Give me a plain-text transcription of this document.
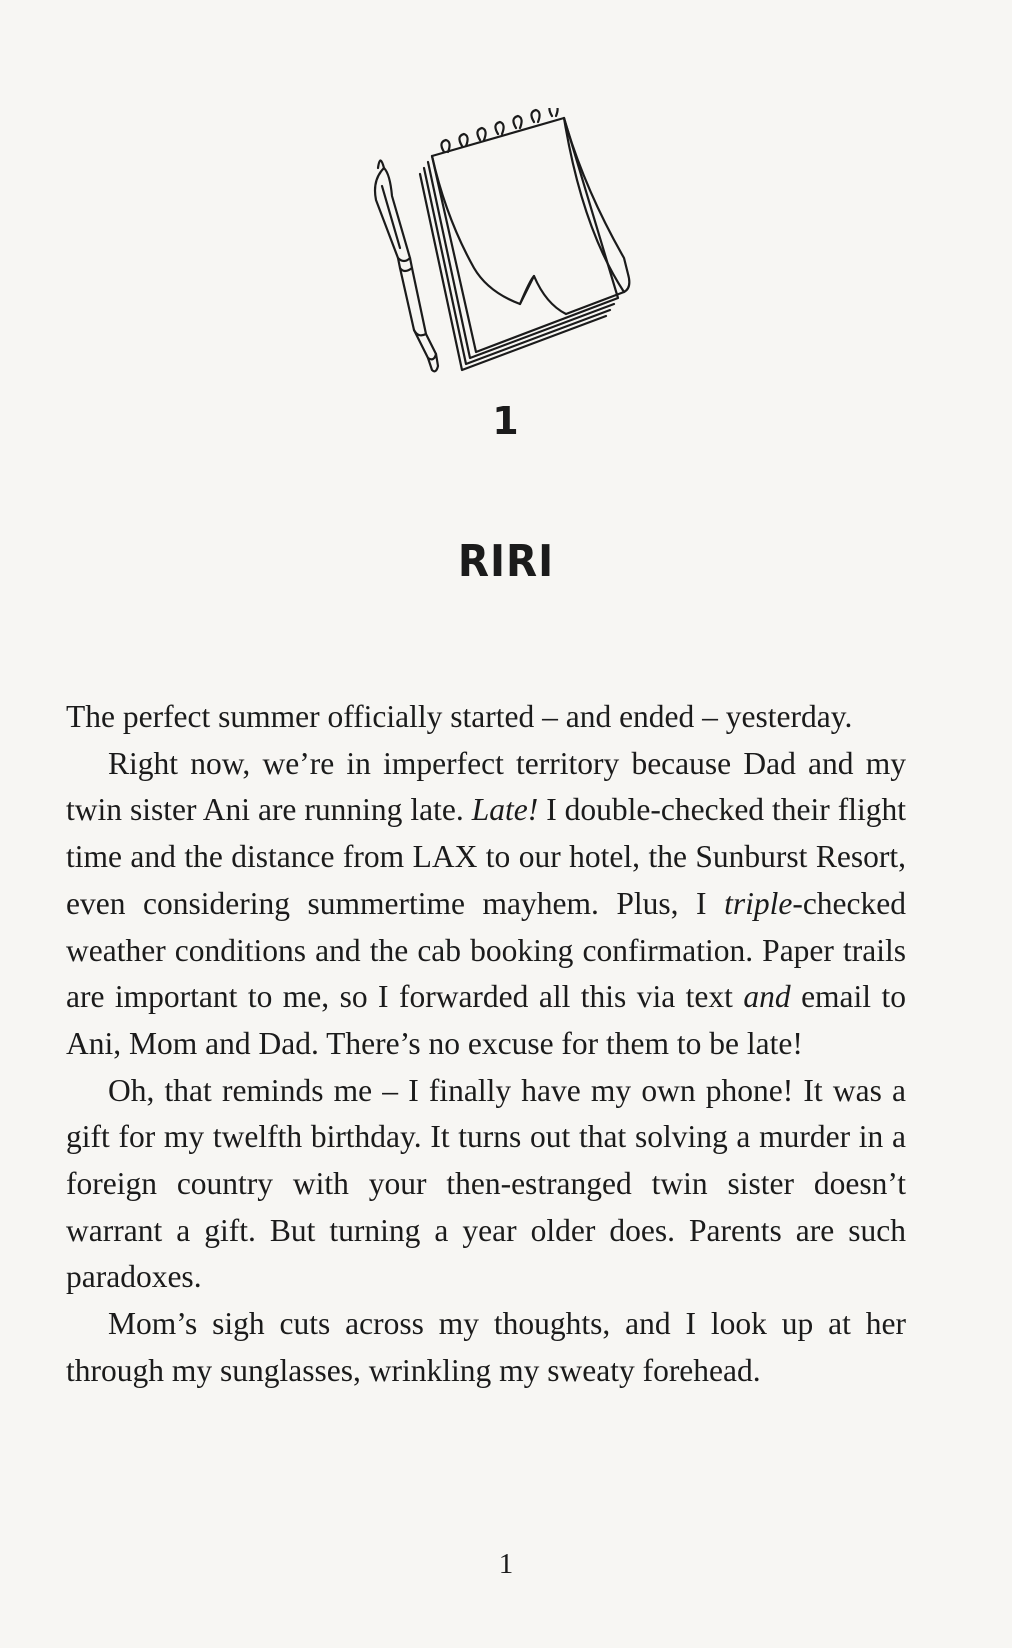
1
RIRI

The perfect summer officially started – and ended – yesterday.

Right now, we’re in imperfect territory because Dad and my twin sister Ani are running late. Late! I double-checked their flight time and the distance from LAX to our hotel, the Sunburst Resort, even considering summertime mayhem. Plus, I triple-checked weather conditions and the cab booking confirmation. Paper trails are important to me, so I forwarded all this via text and email to Ani, Mom and Dad. There’s no excuse for them to be late!

Oh, that reminds me – I finally have my own phone! It was a gift for my twelfth birthday. It turns out that solving a murder in a foreign country with your then-estranged twin sister doesn’t warrant a gift. But turning a year older does. Parents are such paradoxes.

Mom’s sigh cuts across my thoughts, and I look up at her through my sunglasses, wrinkling my sweaty forehead.

1
